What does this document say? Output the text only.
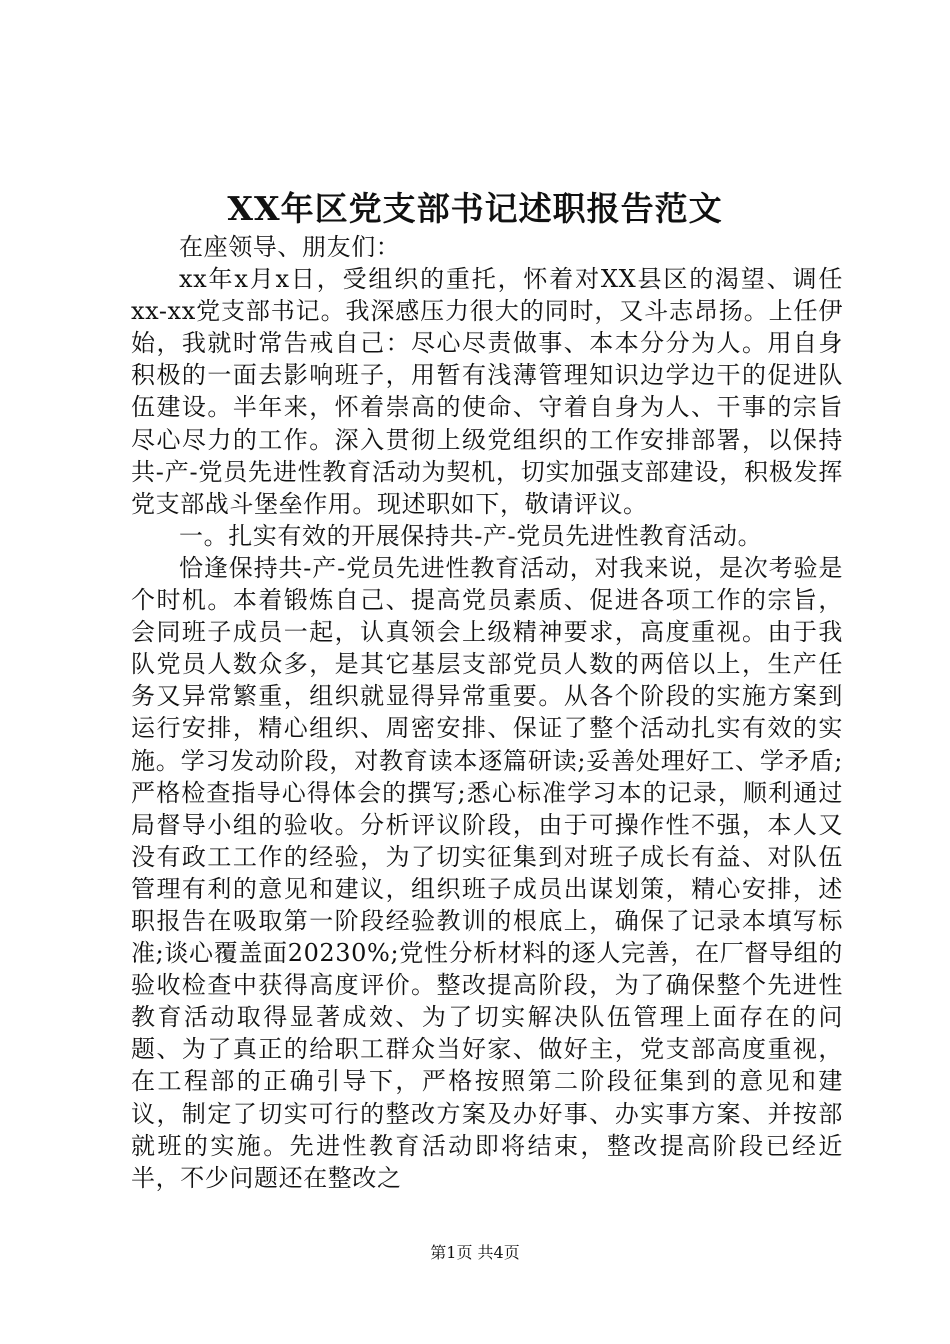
XX年区党支部书记述职报告范文

在座领导、朋友们：

xx年x月x日，受组织的重托，怀着对XX县区的渴望、调任xx-xx党支部书记。我深感压力很大的同时，又斗志昂扬。上任伊始，我就时常告戒自己：尽心尽责做事、本本分分为人。用自身积极的一面去影响班子，用暂有浅薄管理知识边学边干的促进队伍建设。半年来，怀着崇高的使命、守着自身为人、干事的宗旨尽心尽力的工作。深入贯彻上级党组织的工作安排部署，以保持共-产-党员先进性教育活动为契机，切实加强支部建设，积极发挥党支部战斗堡垒作用。现述职如下，敬请评议。

一。扎实有效的开展保持共-产-党员先进性教育活动。

恰逢保持共-产-党员先进性教育活动，对我来说，是次考验是个时机。本着锻炼自己、提高党员素质、促进各项工作的宗旨，会同班子成员一起，认真领会上级精神要求，高度重视。由于我队党员人数众多，是其它基层支部党员人数的两倍以上，生产任务又异常繁重，组织就显得异常重要。从各个阶段的实施方案到运行安排，精心组织、周密安排、保证了整个活动扎实有效的实施。学习发动阶段，对教育读本逐篇研读;妥善处理好工、学矛盾;严格检查指导心得体会的撰写;悉心标准学习本的记录，顺利通过局督导小组的验收。分析评议阶段，由于可操作性不强，本人又没有政工工作的经验，为了切实征集到对班子成长有益、对队伍管理有利的意见和建议，组织班子成员出谋划策，精心安排，述职报告在吸取第一阶段经验教训的根底上，确保了记录本填写标准;谈心覆盖面20230%;党性分析材料的逐人完善，在厂督导组的验收检查中获得高度评价。整改提高阶段，为了确保整个先进性教育活动取得显著成效、为了切实解决队伍管理上面存在的问题、为了真正的给职工群众当好家、做好主，党支部高度重视，在工程部的正确引导下，严格按照第二阶段征集到的意见和建议，制定了切实可行的整改方案及办好事、办实事方案、并按部就班的实施。先进性教育活动即将结束，整改提高阶段已经近半，不少问题还在整改之

第1页 共4页
